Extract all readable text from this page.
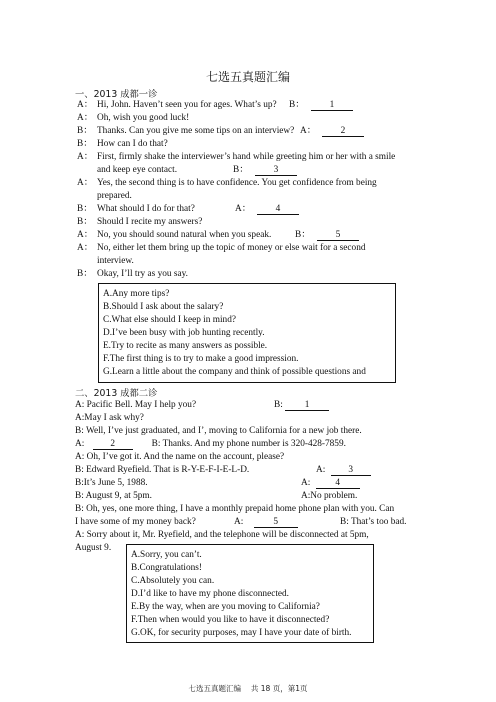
七选五真题汇编
一、2013 成都一诊
A： Hi, John. Haven’t seen you for ages. What’s up? B：	1
A： Oh, wish you good luck!
B： Thanks. Can you give me some tips on an interview? A：	2
B： How can I do that?
A： First, firmly shake the interviewer’s hand while greeting him or her with a smile
and keep eye contact.	B：	3
A： Yes, the second thing is to have confidence. You get confidence from being
prepared.
B： What should I do for that?	A：	4
B： Should I recite my answers?
A： No, you should sound natural when you speak.	B：	5
A： No, either let them bring up the topic of money or else wait for a second
interview.
B： Okay, I’ll try as you say.
A.Any more tips?
B.Should I ask about the salary?
C.What else should I keep in mind?
D.I’ve been busy with job hunting recently.
E.Try to recite as many answers as possible.
F.The first thing is to try to make a good impression.
G.Learn a little about the company and think of possible questions and
二、2013 成都二诊
A: Pacific Bell. May I help you?	B: 1
A:May I ask why?
B: Well, I’ve just graduated, and I’, moving to California for a new job there.
A:	2	B: Thanks. And my phone number is 320-428-7859.
A: Oh, I’ve got it. And the name on the account, please?
B: Edward Ryefield. That is R-Y-E-F-I-E-L-D.	A: 3
B:It’s June 5, 1988.	A:	4
B: August 9, at 5pm.	A:No problem.
B: Oh, yes, one more thing, I have a monthly prepaid home phone plan with you. Can
I have some of my money back?	A:	5	B: That’s too bad.
A: Sorry about it, Mr. Ryefield, and the telephone will be disconnected at 5pm,
August 9.
A.Sorry, you can’t.
B.Congratulations!
C.Absolutely you can.
D.I’d like to have my phone disconnected.
E.By the way, when are you moving to California?
F.Then when would you like to have it disconnected?
G.OK, for security purposes, may I have your date of birth.
七选五真题汇编　 共 18 页，第1页
